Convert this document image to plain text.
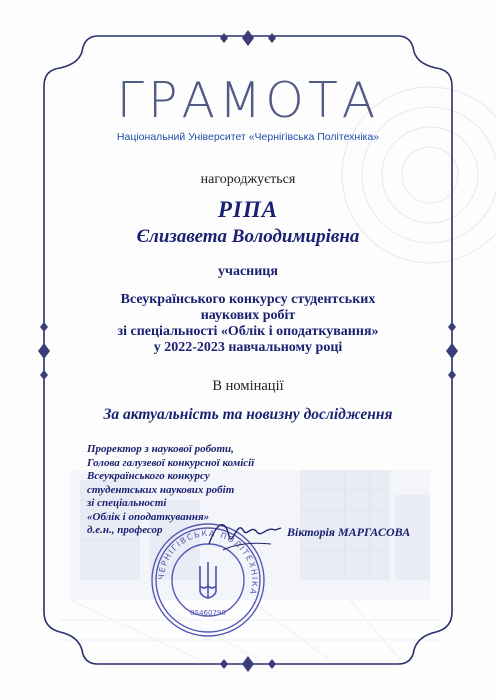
ГРАМОТА

Національний Університет «Чернігівська Політехніка»

нагороджується

РІПА

Єлизавета Володимирівна

учасниця

Всеукраїнського конкурсу студентських
наукових робіт
зі спеціальності «Облік і оподаткування»
у 2022-2023 навчальному році

В номінації

За актуальність та новизну дослідження

Проректор з наукової роботи,
Голова галузевої конкурсної комісії
Всеукраїнського конкурсу
студентських наукових робіт
зі спеціальності
«Облік і оподаткування»
д.е.н., професор
ЧЕРНІГІВСЬКА ПОЛІТЕХНІКА
05460798
Вікторія МАРГАСОВА
